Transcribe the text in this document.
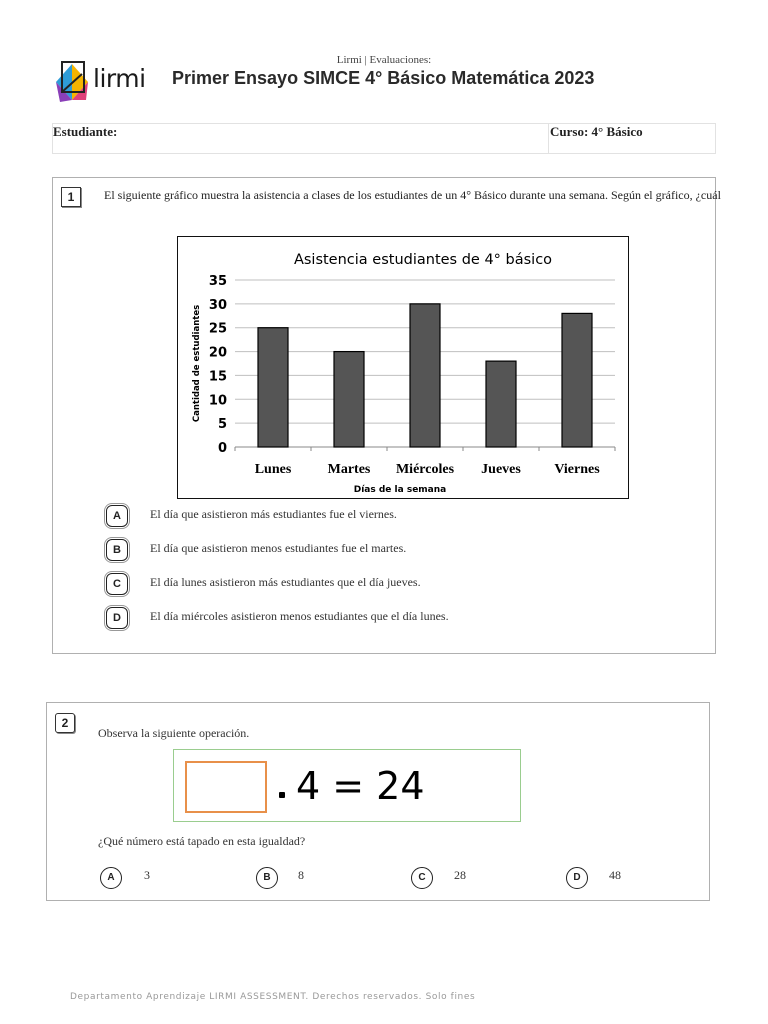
lirmi
Lirmi | Evaluaciones:
Primer Ensayo SIMCE 4° Básico Matemática 2023
Estudiante:	Curso: 4° Básico
1	El siguiente gráfico muestra la asistencia a clases de los estudiantes de un 4° Básico durante una semana. Según el gráfico, ¿cuál
Asistencia estudiantes de 4° básico
0
5
10
15
20
25
30
35
Lunes	Martes Miércoles Jueves Viernes
Días de la semana
Cantidad de estudiantes
A	El día que asistieron más estudiantes fue el viernes.
B	El día que asistieron menos estudiantes fue el martes.
C	El día lunes asistieron más estudiantes que el día jueves.
D	El día miércoles asistieron menos estudiantes que el día lunes.
2
Observa la siguiente operación.
4 = 24
¿Qué número está tapado en esta igualdad?
A	3	B	8	C	28	D	48
Departamento Aprendizaje LIRMI ASSESSMENT. Derechos reservados. Solo fines
